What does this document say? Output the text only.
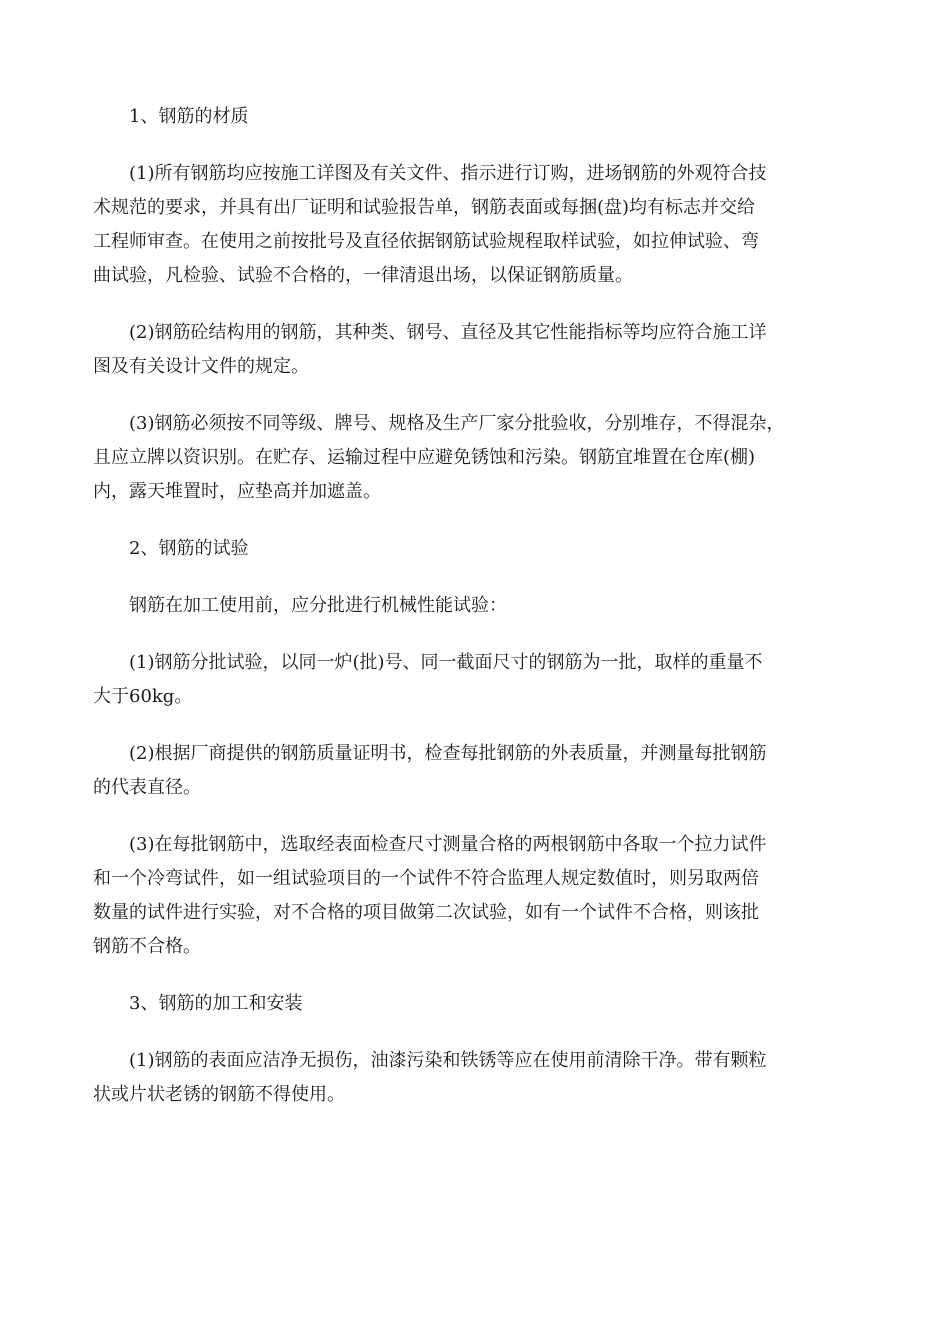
1、钢筋的材质

(1)所有钢筋均应按施工详图及有关文件、指示进行订购，进场钢筋的外观符合技
术规范的要求，并具有出厂证明和试验报告单，钢筋表面或每捆(盘)均有标志并交给
工程师审查。在使用之前按批号及直径依据钢筋试验规程取样试验，如拉伸试验、弯
曲试验，凡检验、试验不合格的，一律清退出场，以保证钢筋质量。

(2)钢筋砼结构用的钢筋，其种类、钢号、直径及其它性能指标等均应符合施工详
图及有关设计文件的规定。

(3)钢筋必须按不同等级、牌号、规格及生产厂家分批验收，分别堆存，不得混杂，
且应立牌以资识别。在贮存、运输过程中应避免锈蚀和污染。钢筋宜堆置在仓库(棚)
内，露天堆置时，应垫高并加遮盖。

2、钢筋的试验

钢筋在加工使用前，应分批进行机械性能试验：

(1)钢筋分批试验，以同一炉(批)号、同一截面尺寸的钢筋为一批，取样的重量不
大于60kg。

(2)根据厂商提供的钢筋质量证明书，检查每批钢筋的外表质量，并测量每批钢筋
的代表直径。

(3)在每批钢筋中，选取经表面检查尺寸测量合格的两根钢筋中各取一个拉力试件
和一个冷弯试件，如一组试验项目的一个试件不符合监理人规定数值时，则另取两倍
数量的试件进行实验，对不合格的项目做第二次试验，如有一个试件不合格，则该批
钢筋不合格。

3、钢筋的加工和安装

(1)钢筋的表面应洁净无损伤，油漆污染和铁锈等应在使用前清除干净。带有颗粒
状或片状老锈的钢筋不得使用。
